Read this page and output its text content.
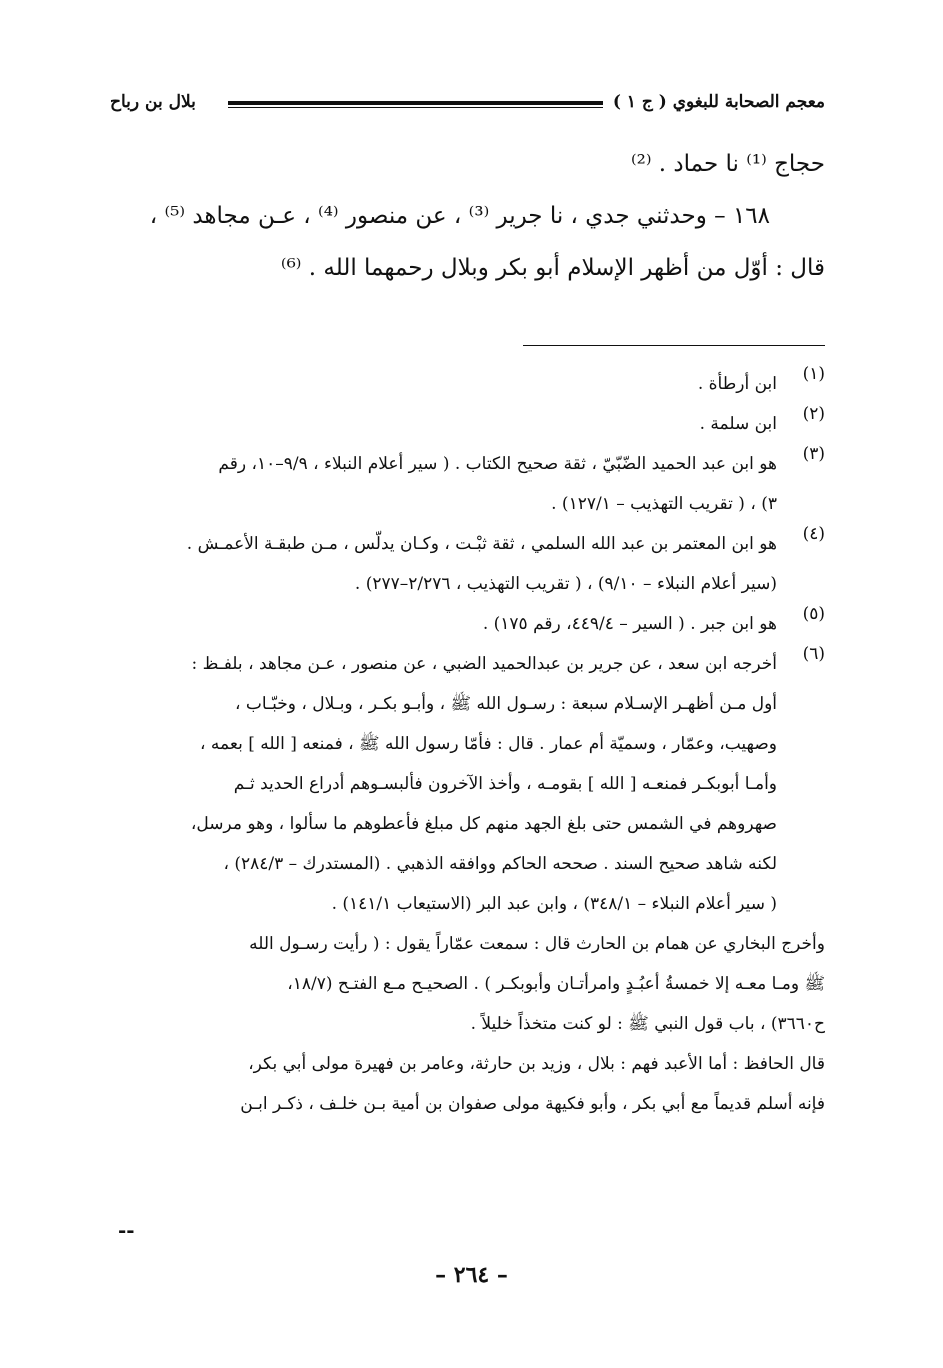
معجم الصحابة للبغوي ( ج ١ )
بلال بن رباح

حجاج ⁽¹⁾ نا حماد . ⁽²⁾

١٦٨ – وحدثني جدي ، نا جرير ⁽³⁾ ، عن منصور ⁽⁴⁾ ، عـن مجاهد ⁽⁵⁾ ،

قال : أوّل من أظهر الإسلام أبو بكر وبلال رحمهما الله . ⁽⁶⁾

(١)
ابن أرطأة .
(٢)
ابن سلمة .
(٣)
هو ابن عبد الحميد الضّبّيّ ، ثقة صحيح الكتاب . ( سير أعلام النبلاء ، ٩/٩–١٠، رقم
٣) ، ( تقريب التهذيب – ١٢٧/١) .
(٤)
هو ابن المعتمر بن عبد الله السلمي ، ثقة ثبْـت ، وكـان يدلّس ، مـن طبقـة الأعمـش .
(سير أعلام النبلاء – ٩/١٠) ، ( تقريب التهذيب ، ٢/٢٧٦–٢٧٧) .
(٥)
هو ابن جبر . ( السير – ٤٤٩/٤، رقم ١٧٥) .
(٦)
أخرجه ابن سعد ، عن جرير بن عبدالحميد الضبي ، عن منصور ، عـن مجاهد ، بلفـظ :
أول مـن أظهـر الإسـلام سبعة : رسـول الله ﷺ ، وأبـو بكـر ، وبـلال ، وخبّـاب ،
وصهيب، وعمّار ، وسميّة أم عمار . قال : فأمّا رسول الله ﷺ ، فمنعه [ الله ] بعمه ،
وأمـا أبوبكـر فمنعـه [ الله ] بقومـه ، وأخذ الآخرون فألبسـوهم أدراع الحديد ثـم
صهروهم في الشمس حتى بلغ الجهد منهم كل مبلغ فأعطوهم ما سألوا ، وهو مرسل،
لكنه شاهد صحيح السند . صححه الحاكم ووافقه الذهبي . (المستدرك – ٢٨٤/٣) ،
( سير أعلام النبلاء – ٣٤٨/١) ، وابن عبد البر (الاستيعاب ١٤١/١) .
وأخرج البخاري عن همام بن الحارث قال : سمعت عمّاراً يقول : ( رأيت رسـول الله
ﷺ ومـا معـه إلا خمسةُ أعبُـدٍ وامرأتـان وأبوبكـر ) . الصحيـح مـع الفتـح (١٨/٧،
ح٣٦٦٠) ، باب قول النبي ﷺ : لو كنت متخذاً خليلاً .
قال الحافظ : أما الأعبد فهم : بلال ، وزيد بن حارثة، وعامر بن فهيرة مولى أبي بكر،
فإنه أسلم قديماً مع أبي بكر ، وأبو فكيهة مولى صفوان بن أمية بـن خلـف ، ذكـر ابـن
--
– ٢٦٤ –
